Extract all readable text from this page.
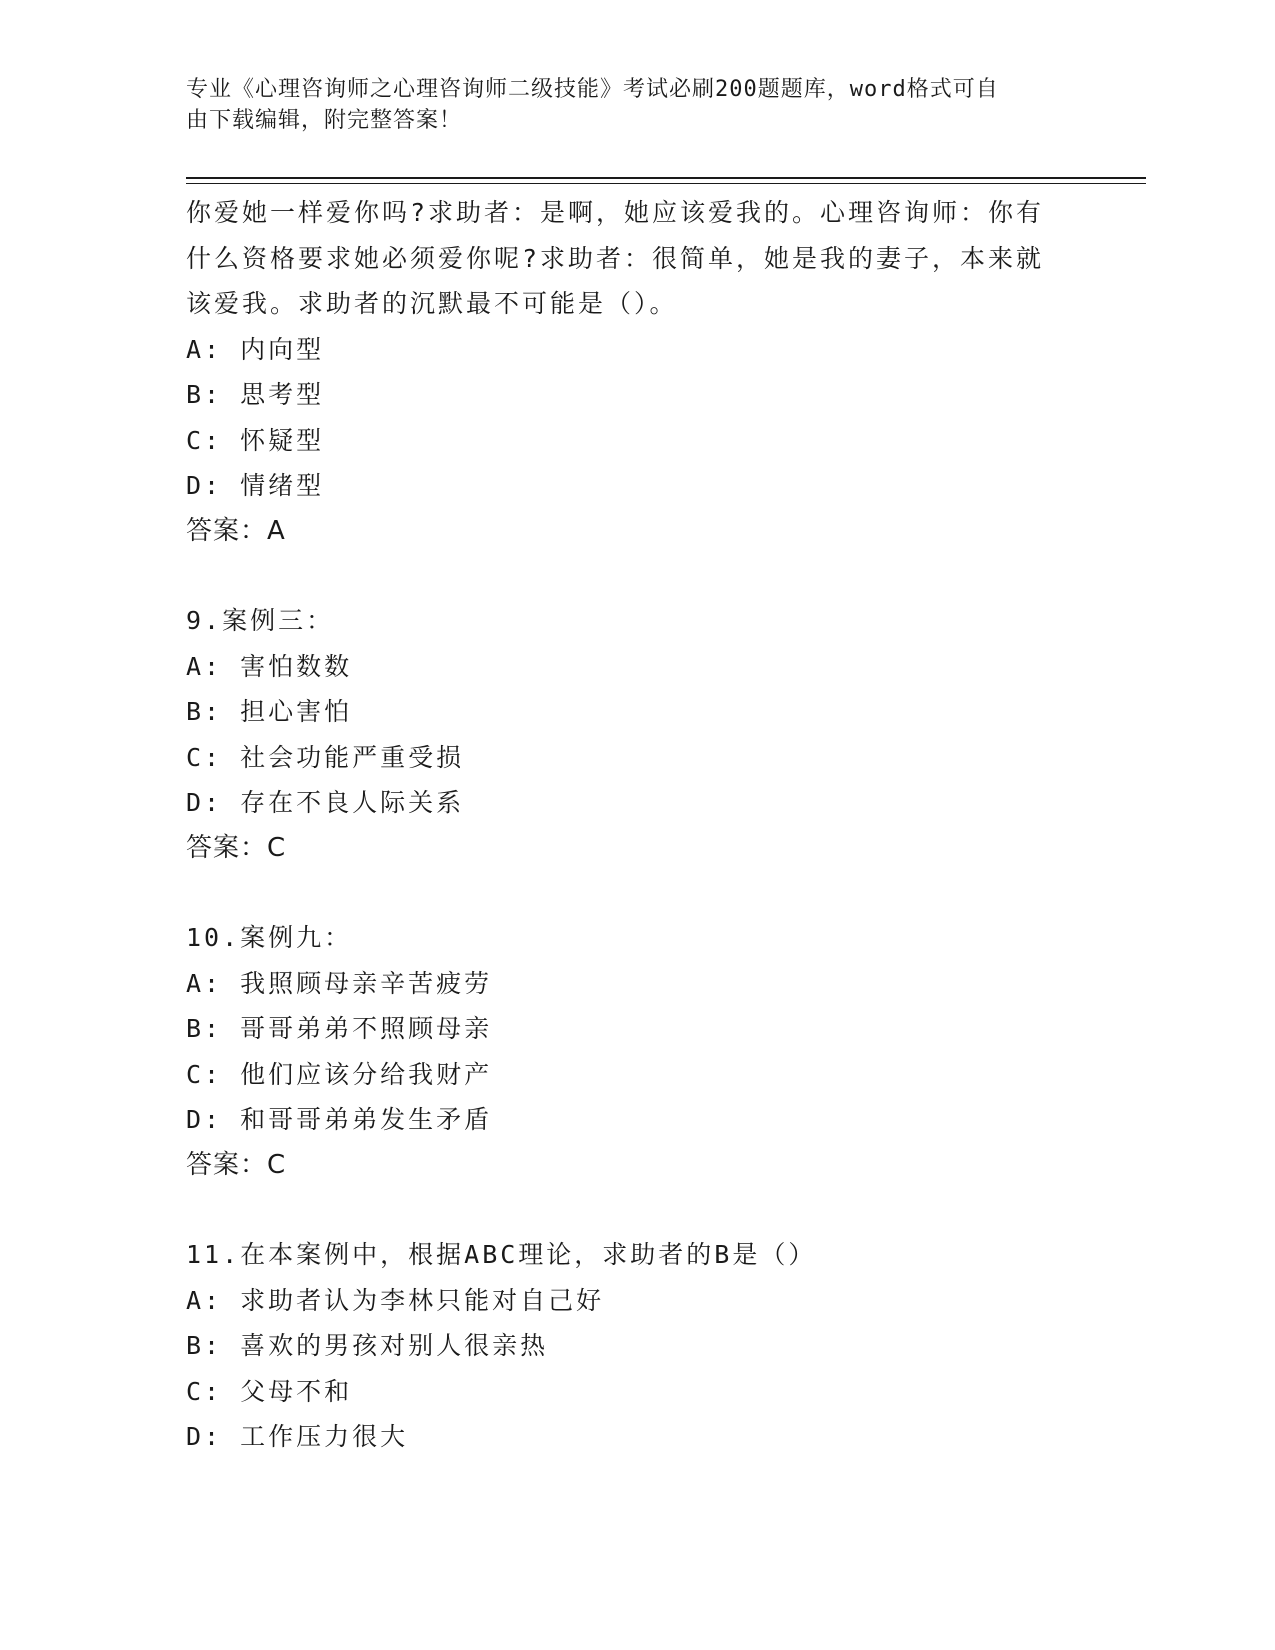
专业《心理咨询师之心理咨询师二级技能》考试必刷200题题库，word格式可自
由下载编辑，附完整答案！
你爱她一样爱你吗?求助者：是啊，她应该爱我的。心理咨询师：你有
什么资格要求她必须爱你呢?求助者：很简单，她是我的妻子，本来就
该爱我。求助者的沉默最不可能是（）。
A: 内向型
B: 思考型
C: 怀疑型
D: 情绪型
答案：A
9.案例三：
A: 害怕数数
B: 担心害怕
C: 社会功能严重受损
D: 存在不良人际关系
答案：C
10.案例九：
A: 我照顾母亲辛苦疲劳
B: 哥哥弟弟不照顾母亲
C: 他们应该分给我财产
D: 和哥哥弟弟发生矛盾
答案：C
11.在本案例中，根据ABC理论，求助者的B是（）
A: 求助者认为李林只能对自己好
B: 喜欢的男孩对别人很亲热
C: 父母不和
D: 工作压力很大
